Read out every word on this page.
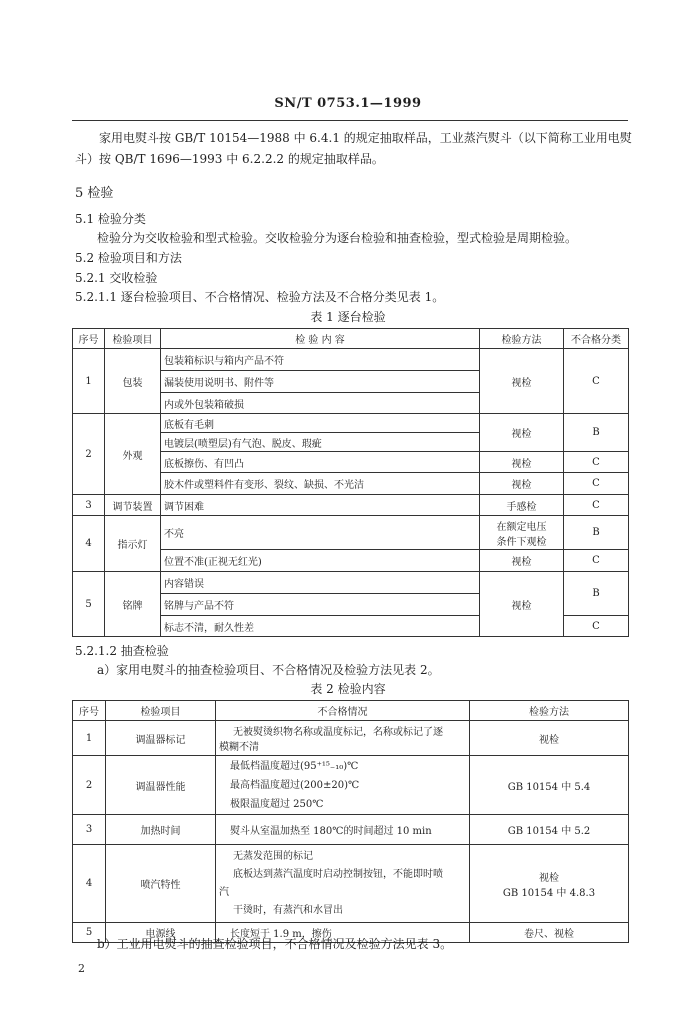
SN/T 0753.1—1999
家用电熨斗按 GB/T 10154—1988 中 6.4.1 的规定抽取样品，工业蒸汽熨斗（以下简称工业用电熨斗）按 QB/T 1696—1993 中 6.2.2.2 的规定抽取样品。
5 检验
5.1 检验分类
检验分为交收检验和型式检验。交收检验分为逐台检验和抽查检验，型式检验是周期检验。
5.2 检验项目和方法
5.2.1 交收检验
5.2.1.1 逐台检验项目、不合格情况、检验方法及不合格分类见表 1。
表 1 逐台检验
序号	检验项目	检 验 内 容	检验方法	不合格分类
1	包装	包装箱标识与箱内产品不符	视检	C
		漏装使用说明书、附件等		
		内或外包装箱破损		
2	外观	底板有毛刺	视检	B
		电镀层(喷塑层)有气泡、脱皮、瑕疵		
		底板擦伤、有凹凸	视检	C
		胶木件或塑料件有变形、裂纹、缺损、不光洁	视检	C
3	调节装置	调节困难	手感检	C
4	指示灯	不亮	在额定电压
条件下观检	B
		位置不准(正视无红光)	视检	C
5	铭牌	内容错误	视检	B
		铭牌与产品不符		
		标志不清，耐久性差		C
5.2.1.2 抽查检验
a）家用电熨斗的抽查检验项目、不合格情况及检验方法见表 2。
表 2 检验内容
序号	检验项目	不合格情况	检验方法
1	调温器标记	无被熨烫织物名称或温度标记，名称或标记了逐
模糊不清	视检
2	调温器性能	最低档温度超过(95⁺¹⁵₋₁₀)℃
最高档温度超过(200±20)℃
极限温度超过 250℃	GB 10154 中 5.4
3	加热时间	熨斗从室温加热至 180℃的时间超过 10 min	GB 10154 中 5.2
4	喷汽特性	无蒸发范围的标记
底板达到蒸汽温度时启动控制按钮，不能即时喷
汽
干烫时，有蒸汽和水冒出	视检
GB 10154 中 4.8.3
5	电源线	长度短于 1.9 m，擦伤	卷尺、视检
b）工业用电熨斗的抽查检验项目，不合格情况及检验方法见表 3。
2
